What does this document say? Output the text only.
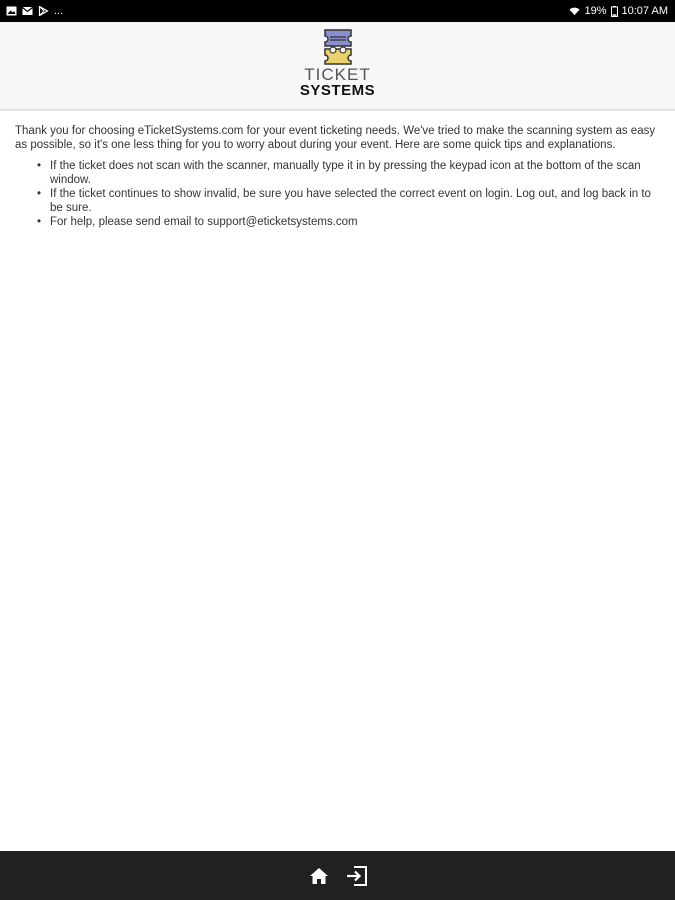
...	19% 10:07 AM
TICKET
SYSTEMS

Thank you for choosing eTicketSystems.com for your event ticketing needs. We've tried to make the scanning system as easy as possible, so it's one less thing for you to worry about during your event. Here are some quick tips and explanations.

• If the ticket does not scan with the scanner, manually type it in by pressing the keypad icon at the bottom of the scan window.
• If the ticket continues to show invalid, be sure you have selected the correct event on login. Log out, and log back in to be sure.
• For help, please send email to support@eticketsystems.com
